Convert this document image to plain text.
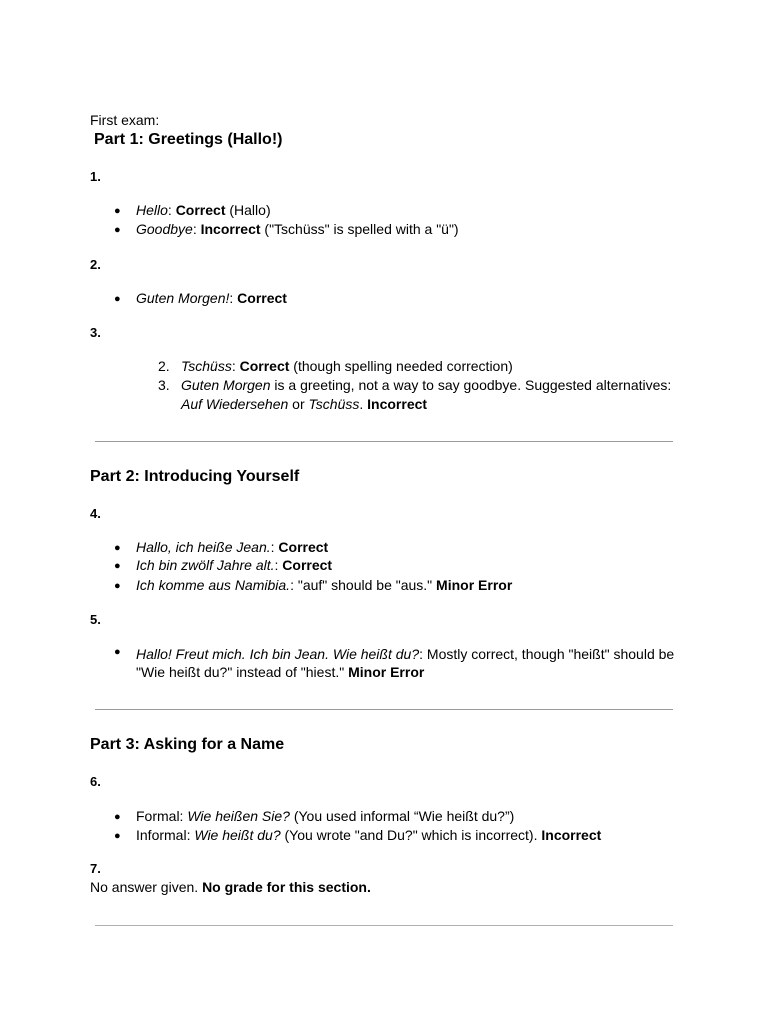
First exam:
Part 1: Greetings (Hallo!)
1.
● Hello: Correct (Hallo)
● Goodbye: Incorrect ("Tschüss" is spelled with a "ü")
2.
● Guten Morgen!: Correct
3.
2. Tschüss: Correct (though spelling needed correction)
3. Guten Morgen is a greeting, not a way to say goodbye. Suggested alternatives:
Auf Wiedersehen or Tschüss. Incorrect
Part 2: Introducing Yourself
4.
● Hallo, ich heiße Jean.: Correct
● Ich bin zwölf Jahre alt.: Correct
● Ich komme aus Namibia.: "auf" should be "aus." Minor Error
5.
● Hallo! Freut mich. Ich bin Jean. Wie heißt du?: Mostly correct, though "heißt" should be "Wie heißt du?" instead of "hiest." Minor Error
Part 3: Asking for a Name
6.
● Formal: Wie heißen Sie? (You used informal “Wie heißt du?”)
● Informal: Wie heißt du? (You wrote "and Du?" which is incorrect). Incorrect
7.
No answer given. No grade for this section.
